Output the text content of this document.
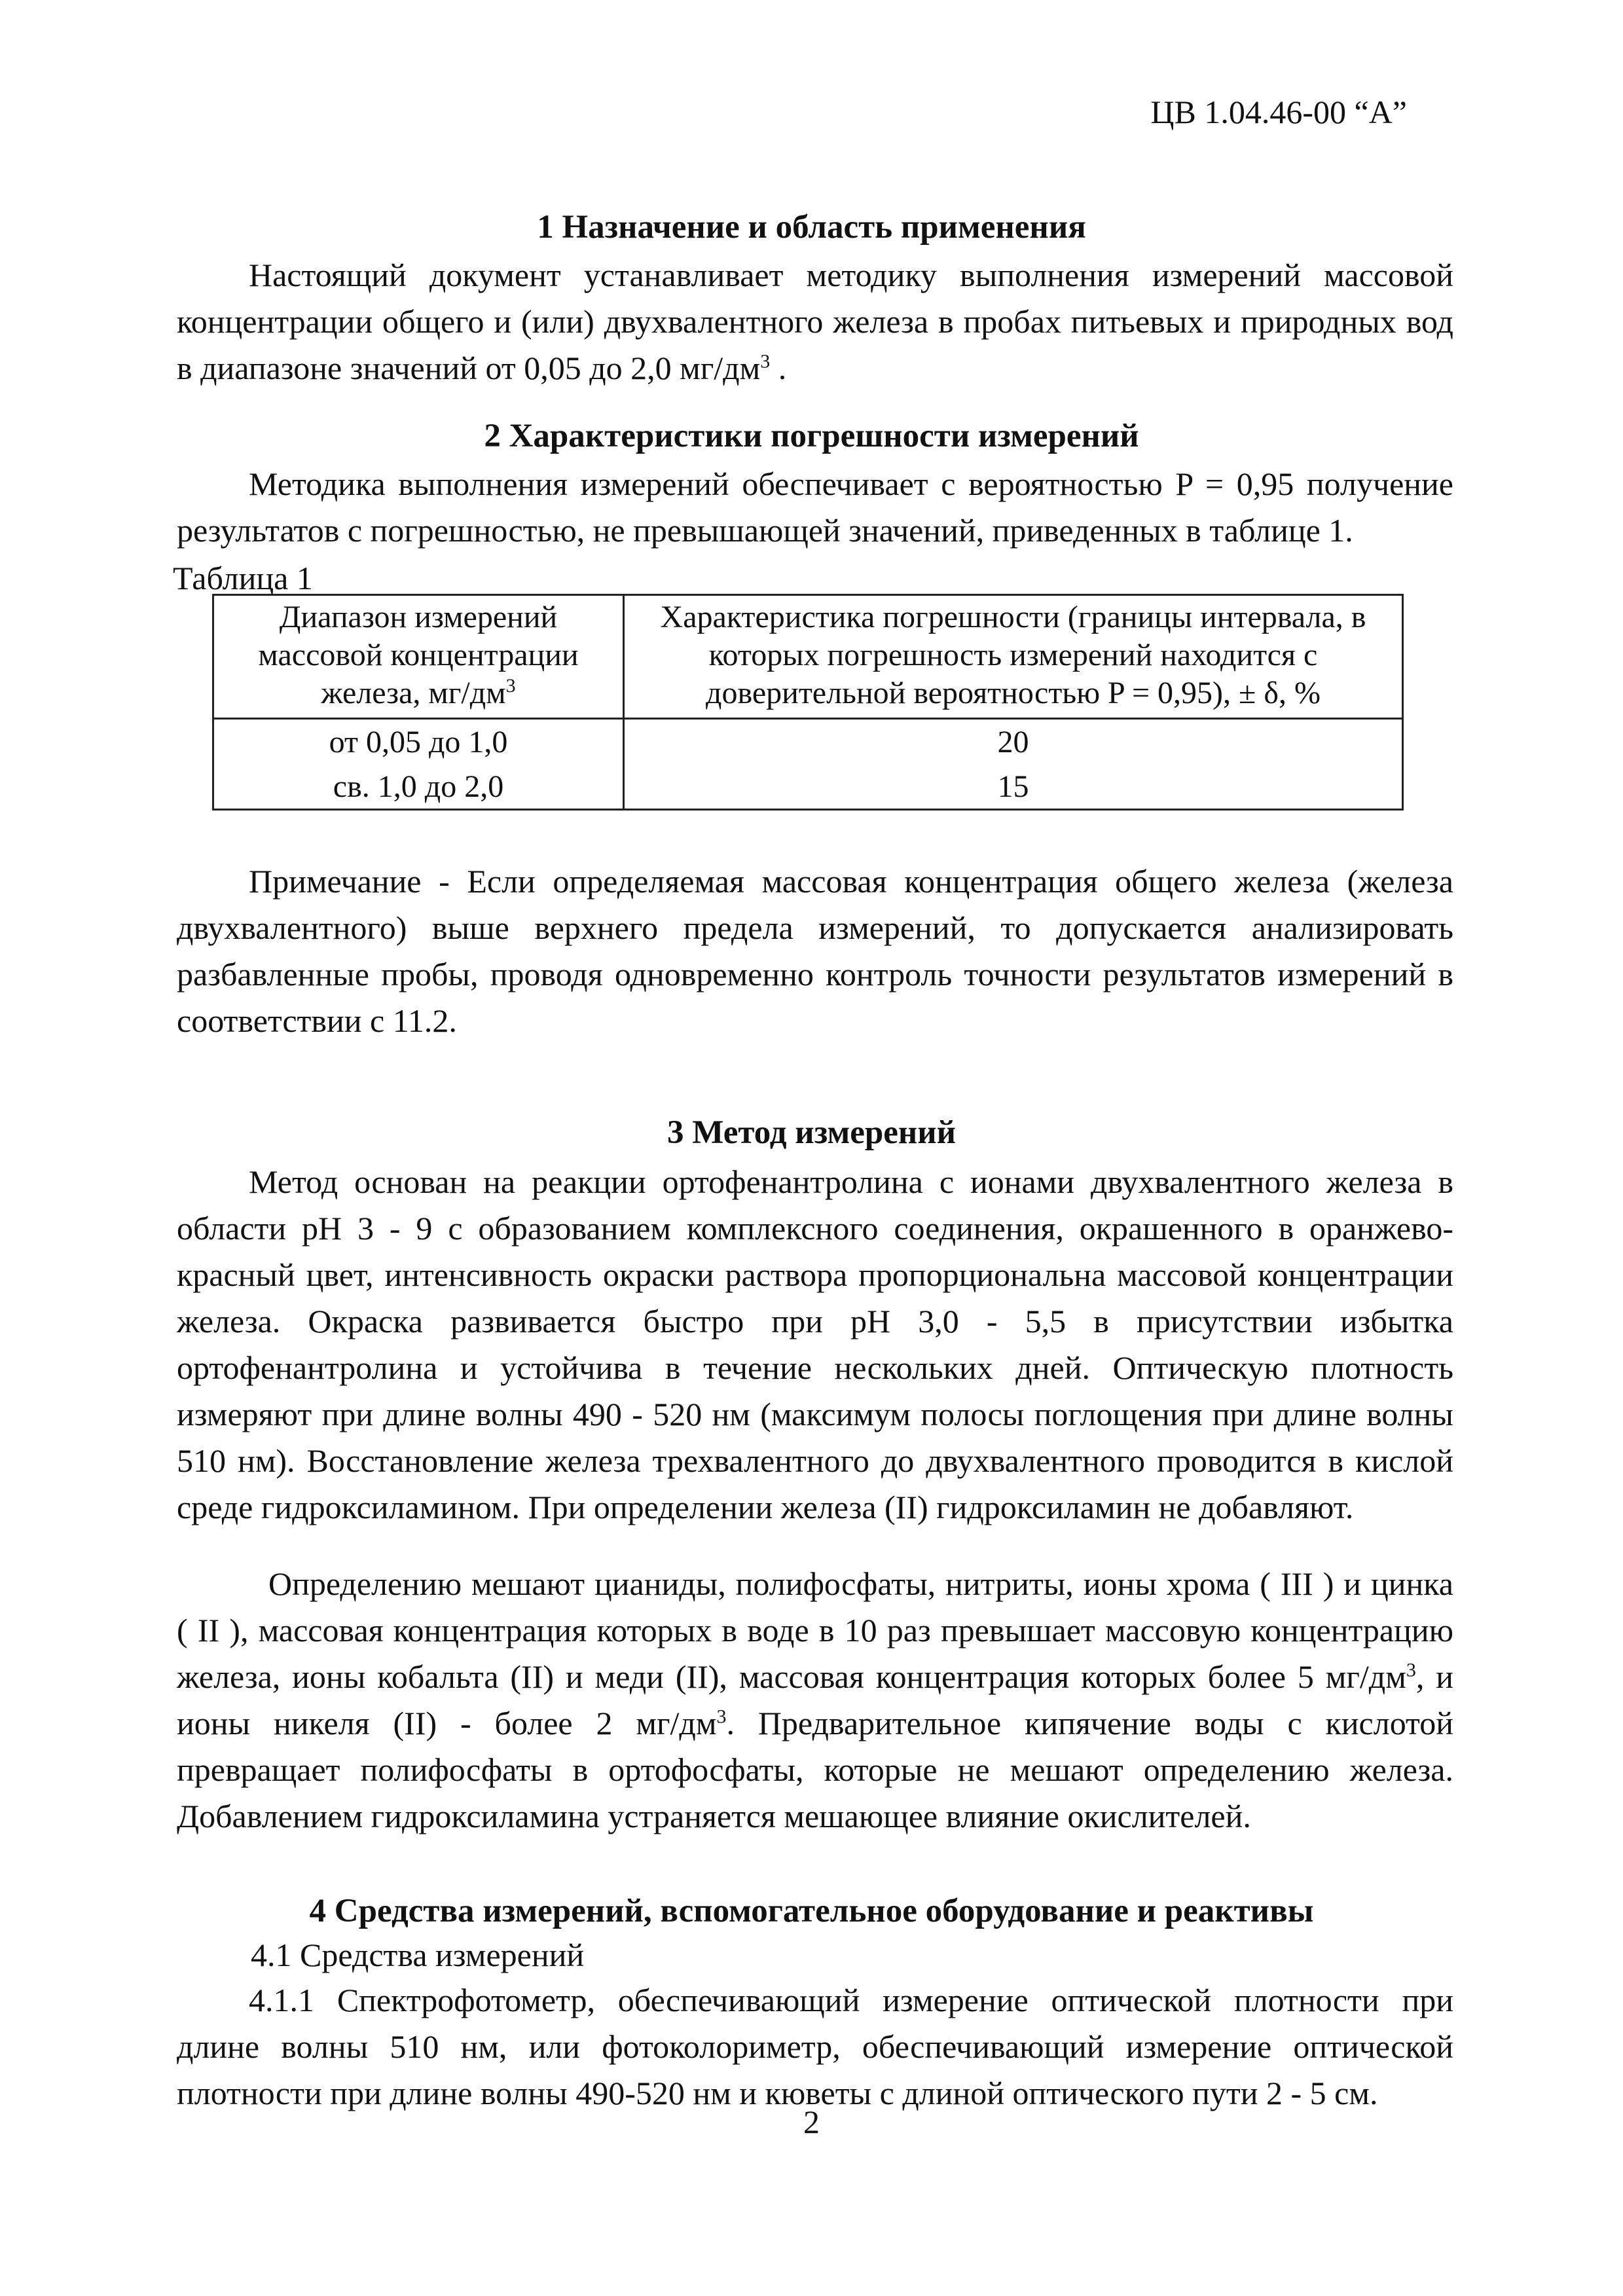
ЦВ 1.04.46-00 “A”
1 Назначение и область применения

Настоящий документ устанавливает методику выполнения измерений массовой концентрации общего и (или) двухвалентного железа в пробах питьевых и природных вод в диапазоне значений от 0,05 до 2,0 $мг/дм^3$ .

2 Характеристики погрешности измерений

Методика выполнения измерений обеспечивает с вероятностью P = 0,95 получение результатов с погрешностью, не превышающей значений, приведенных в таблице 1.

Таблица 1
Диапазон измерений массовой концентрации железа, $мг/дм^3$	Характеристика погрешности (границы интервала, в которых погрешность измерений находится с доверительной вероятностью P = 0,95), ± δ, %
от 0,05 до 1,0	20
св. 1,0 до 2,0	15

Примечание - Если определяемая массовая концентрация общего железа (железа двухвалентного) выше верхнего предела измерений, то допускается анализировать разбавленные пробы, проводя одновременно контроль точности результатов измерений в соответствии с 11.2.

3 Метод измерений

Метод основан на реакции ортофенантролина с ионами двухвалентного железа в области pH 3 - 9 с образованием комплексного соединения, окрашенного в оранжево-красный цвет, интенсивность окраски раствора пропорциональна массовой концентрации железа. Окраска развивается быстро при pH 3,0 - 5,5 в присутствии избытка ортофенантролина и устойчива в течение нескольких дней. Оптическую плотность измеряют при длине волны 490 - 520 нм (максимум полосы поглощения при длине волны 510 нм). Восстановление железа трехвалентного до двухвалентного проводится в кислой среде гидроксиламином. При определении железа (II) гидроксиламин не добавляют.

Определению мешают цианиды, полифосфаты, нитриты, ионы хрома ( III ) и цинка ( II ), массовая концентрация которых в воде в 10 раз превышает массовую концентрацию железа, ионы кобальта (II) и меди (II), массовая концентрация которых более 5 $мг/дм^3$, и ионы никеля (II) - более 2 $мг/дм^3$. Предварительное кипячение воды с кислотой превращает полифосфаты в ортофосфаты, которые не мешают определению железа. Добавлением гидроксиламина устраняется мешающее влияние окислителей.

4 Средства измерений, вспомогательное оборудование и реактивы
4.1 Средства измерений

4.1.1 Спектрофотометр, обеспечивающий измерение оптической плотности при длине волны 510 нм, или фотоколориметр, обеспечивающий измерение оптической плотности при длине волны 490-520 нм и кюветы с длиной оптического пути 2 - 5 см.

2
